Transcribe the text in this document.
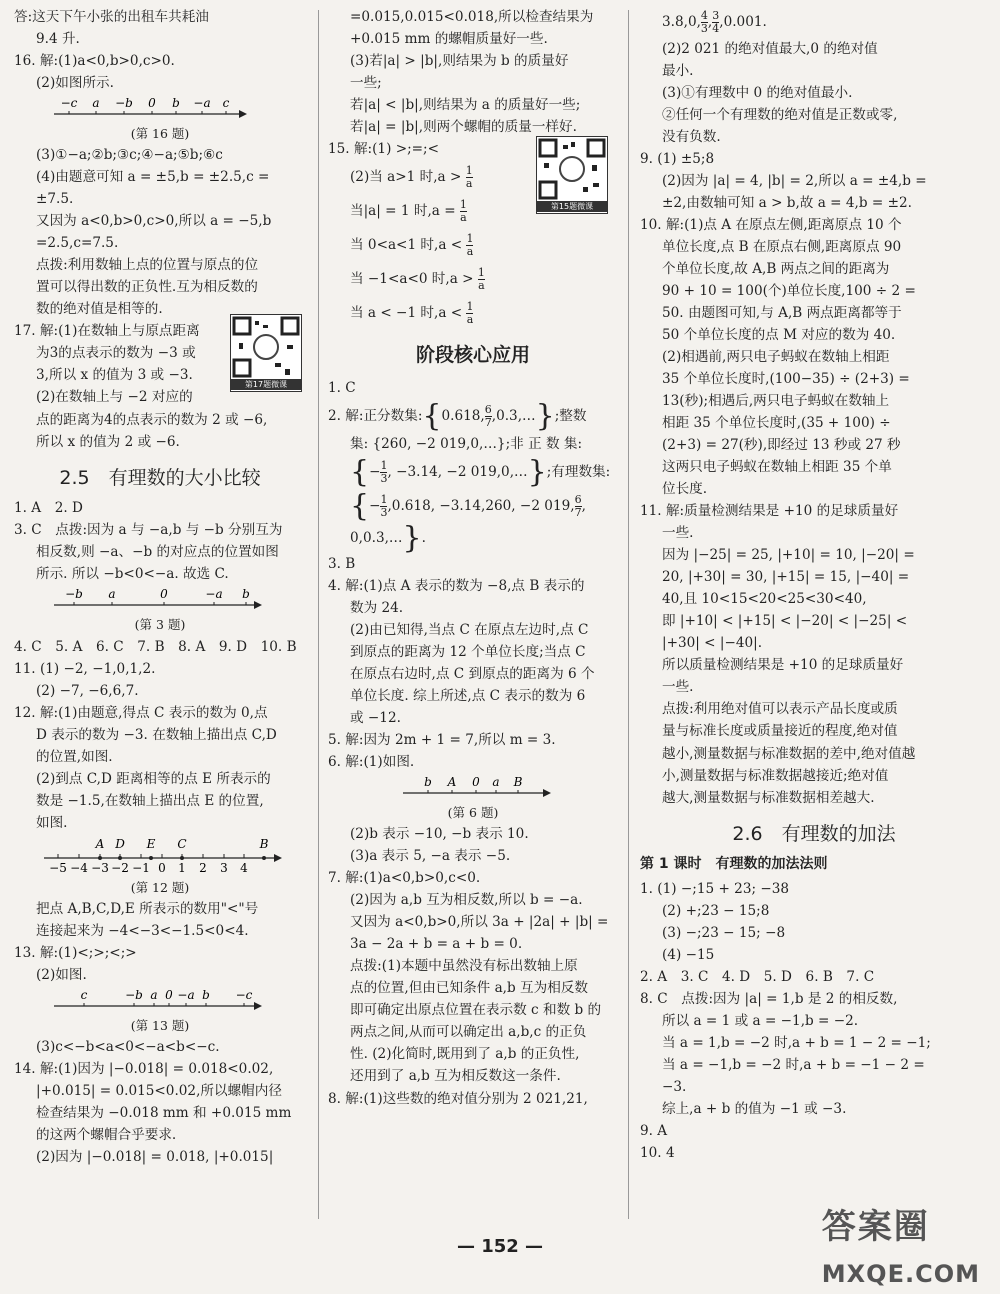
答:这天下午小张的出租车共耗油
9.4 升.
16. 解:(1)a<0,b>0,c>0.
(2)如图所示.
−c a −b 0 b −a c
(第 16 题)
(3)①−a;②b;③c;④−a;⑤b;⑥c
(4)由题意可知 a = ±5,b = ±2.5,c =
±7.5.
又因为 a<0,b>0,c>0,所以 a = −5,b
=2.5,c=7.5.
点拨:利用数轴上点的位置与原点的位
置可以得出数的正负性.互为相反数的
数的绝对值是相等的.
17. 解:(1)在数轴上与原点距离
为3的点表示的数为 −3 或
3,所以 x 的值为 3 或 −3.
(2)在数轴上与 −2 对应的
第17题微课
点的距离为4的点表示的数为 2 或 −6,
所以 x 的值为 2 或 −6.
2.5　有理数的大小比较
1. A　2. D
3. C　点拨:因为 a 与 −a,b 与 −b 分别互为
相反数,则 −a、−b 的对应点的位置如图
所示. 所以 −b<0<−a. 故选 C.
−b a	0	−a b
(第 3 题)
4. C　5. A　6. C　7. B　8. A　9. D　10. B
11. (1) −2, −1,0,1,2.
(2) −7, −6,6,7.
12. 解:(1)由题意,得点 C 表示的数为 0,点
D 表示的数为 −3. 在数轴上描出点 C,D
的位置,如图.
(2)到点 C,D 距离相等的点 E 所表示的
数是 −1.5,在数轴上描出点 E 的位置,
如图.
A D E C	B
−5 −4 −3 −2 −1 0 1 2 3 4
(第 12 题)
把点 A,B,C,D,E 所表示的数用"<"号
连接起来为 −4<−3<−1.5<0<4.
13. 解:(1)<;>;<;>
(2)如图.
c	−b a 0 −a b −c
(第 13 题)
(3)c<−b<a<0<−a<b<−c.
14. 解:(1)因为 |−0.018| = 0.018<0.02,
|+0.015| = 0.015<0.02,所以螺帽内径
检查结果为 −0.018 mm 和 +0.015 mm
的这两个螺帽合乎要求.
(2)因为 |−0.018| = 0.018, |+0.015|
=0.015,0.015<0.018,所以检查结果为
+0.015 mm 的螺帽质量好一些.
(3)若|a| > |b|,则结果为 b 的质量好
一些;
若|a| < |b|,则结果为 a 的质量好一些;
若|a| = |b|,则两个螺帽的质量一样好.
15. 解:(1) >;=;<
(2)当 a>1 时$,a > \frac{1}{a}$
当|a| = 1 时$,a = \frac{1}{a}$
当 0<a<1 时$,a < \frac{1}{a}$
当 −1<a<0 时$,a > \frac{1}{a}$
当 a < −1 时$,a < \frac{1}{a}$
第15题微课
阶段核心应用
1. C
2. 解:正分数集:{0.618, $\frac{6}{7}$ ,0.3,…};整数
集: {260, −2 019,0,…};非 正 数 集:
{− $\frac{1}{3}$ , −3.14, −2 019,0,…};有理数集:
{− $\frac{1}{3} ,0.618$, −3.14,260, −2 019, $\frac{6}{7}$ ,
0,0.3,…}.
3. B
4. 解:(1)点 A 表示的数为 −8,点 B 表示的
数为 24.
(2)由已知得,当点 C 在原点左边时,点 C
到原点的距离为 12 个单位长度;当点 C
在原点右边时,点 C 到原点的距离为 6 个
单位长度. 综上所述,点 C 表示的数为 6
或 −12.
5. 解:因为 2m + 1 = 7,所以 m = 3.
6. 解:(1)如图.
b A 0 a B
(第 6 题)
(2)b 表示 −10, −b 表示 10.
(3)a 表示 5, −a 表示 −5.
7. 解:(1)a<0,b>0,c<0.
(2)因为 a,b 互为相反数,所以 b = −a.
又因为 a<0,b>0,所以 3a + |2a| + |b| =
3a − 2a + b = a + b = 0.
点拨:(1)本题中虽然没有标出数轴上原
点的位置,但由已知条件 a,b 互为相反数
即可确定出原点位置在表示数 c 和数 b 的
两点之间,从而可以确定出 a,b,c 的正负
性. (2)化简时,既用到了 a,b 的正负性,
还用到了 a,b 互为相反数这一条件.
8. 解:(1)这些数的绝对值分别为 2 021,21,
3.8,0, $\frac{4}{3}$ , $\frac{3}{4} ,0.001$.
(2)2 021 的绝对值最大,0 的绝对值
最小.
(3)①有理数中 0 的绝对值最小.
②任何一个有理数的绝对值是正数或零,
没有负数.
9. (1) ±5;8
(2)因为 |a| = 4, |b| = 2,所以 a = ±4,b =
±2,由数轴可知 a > b,故 a = 4,b = ±2.
10. 解:(1)点 A 在原点左侧,距离原点 10 个
单位长度,点 B 在原点右侧,距离原点 90
个单位长度,故 A,B 两点之间的距离为
90 + 10 = 100(个)单位长度,100 ÷ 2 =
50. 由题图可知,与 A,B 两点距离都等于
50 个单位长度的点 M 对应的数为 40.
(2)相遇前,两只电子蚂蚁在数轴上相距
35 个单位长度时,(100−35) ÷ (2+3) =
13(秒);相遇后,两只电子蚂蚁在数轴上
相距 35 个单位长度时,(35 + 100) ÷
(2+3) = 27(秒),即经过 13 秒或 27 秒
这两只电子蚂蚁在数轴上相距 35 个单
位长度.
11. 解:质量检测结果是 +10 的足球质量好
一些.
因为 |−25| = 25, |+10| = 10, |−20| =
20, |+30| = 30, |+15| = 15, |−40| =
40,且 10<15<20<25<30<40,
即 |+10| < |+15| < |−20| < |−25| <
|+30| < |−40|.
所以质量检测结果是 +10 的足球质量好
一些.
点拨:利用绝对值可以表示产品长度或质
量与标准长度或质量接近的程度,绝对值
越小,测量数据与标准数据的差中,绝对值越
小,测量数据与标准数据越接近;绝对值
越大,测量数据与标准数据相差越大.
2.6　有理数的加法
第 1 课时　有理数的加法法则
1. (1) −;15 + 23; −38
(2) +;23 − 15;8
(3) −;23 − 15; −8
(4) −15
2. A　3. C　4. D　5. D　6. B　7. C
8. C　点拨:因为 |a| = 1,b 是 2 的相反数,
所以 a = 1 或 a = −1,b = −2.
当 a = 1,b = −2 时,a + b = 1 − 2 = −1;
当 a = −1,b = −2 时,a + b = −1 − 2 =
−3.
综上,a + b 的值为 −1 或 −3.
9. A
10. 4
— 152 —	答案圈
MXQE.COM
